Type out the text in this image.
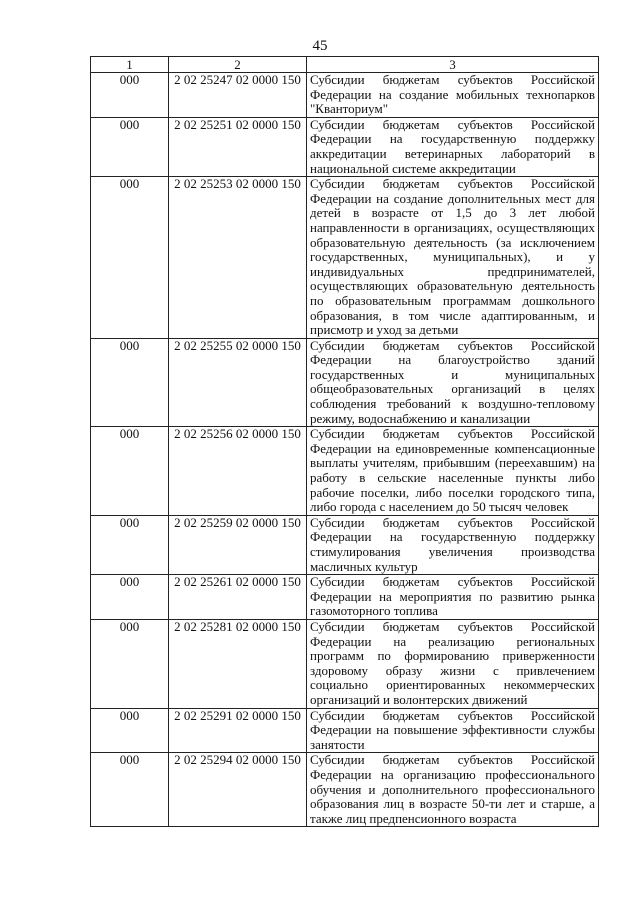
45
1	2	3
000	2 02 25247 02 0000 150	Субсидии бюджетам субъектов Российской Федерации на создание мобильных технопарков "Кванториум"
000	2 02 25251 02 0000 150	Субсидии бюджетам субъектов Российской Федерации на государственную поддержку аккредитации ветеринарных лабораторий в национальной системе аккредитации
000	2 02 25253 02 0000 150	Субсидии бюджетам субъектов Российской Федерации на создание дополнительных мест для детей в возрасте от 1,5 до 3 лет любой направленности в организациях, осуществляющих образовательную деятельность (за исключением государственных, муниципальных), и у индивидуальных предпринимателей, осуществляющих образовательную деятельность по образовательным программам дошкольного образования, в том числе адаптированным, и присмотр и уход за детьми
000	2 02 25255 02 0000 150	Субсидии бюджетам субъектов Российской Федерации на благоустройство зданий государственных и муниципальных общеобразовательных организаций в целях соблюдения требований к воздушно-тепловому режиму, водоснабжению и канализации
000	2 02 25256 02 0000 150	Субсидии бюджетам субъектов Российской Федерации на единовременные компенсационные выплаты учителям, прибывшим (переехавшим) на работу в сельские населенные пункты либо рабочие поселки, либо поселки городского типа, либо города с населением до 50 тысяч человек
000	2 02 25259 02 0000 150	Субсидии бюджетам субъектов Российской Федерации на государственную поддержку стимулирования увеличения производства масличных культур
000	2 02 25261 02 0000 150	Субсидии бюджетам субъектов Российской Федерации на мероприятия по развитию рынка газомоторного топлива
000	2 02 25281 02 0000 150	Субсидии бюджетам субъектов Российской Федерации на реализацию региональных программ по формированию приверженности здоровому образу жизни с привлечением социально ориентированных некоммерческих организаций и волонтерских движений
000	2 02 25291 02 0000 150	Субсидии бюджетам субъектов Российской Федерации на повышение эффективности службы занятости
000	2 02 25294 02 0000 150	Субсидии бюджетам субъектов Российской Федерации на организацию профессионального обучения и дополнительного профессионального образования лиц в возрасте 50-ти лет и старше, а также лиц предпенсионного возраста
